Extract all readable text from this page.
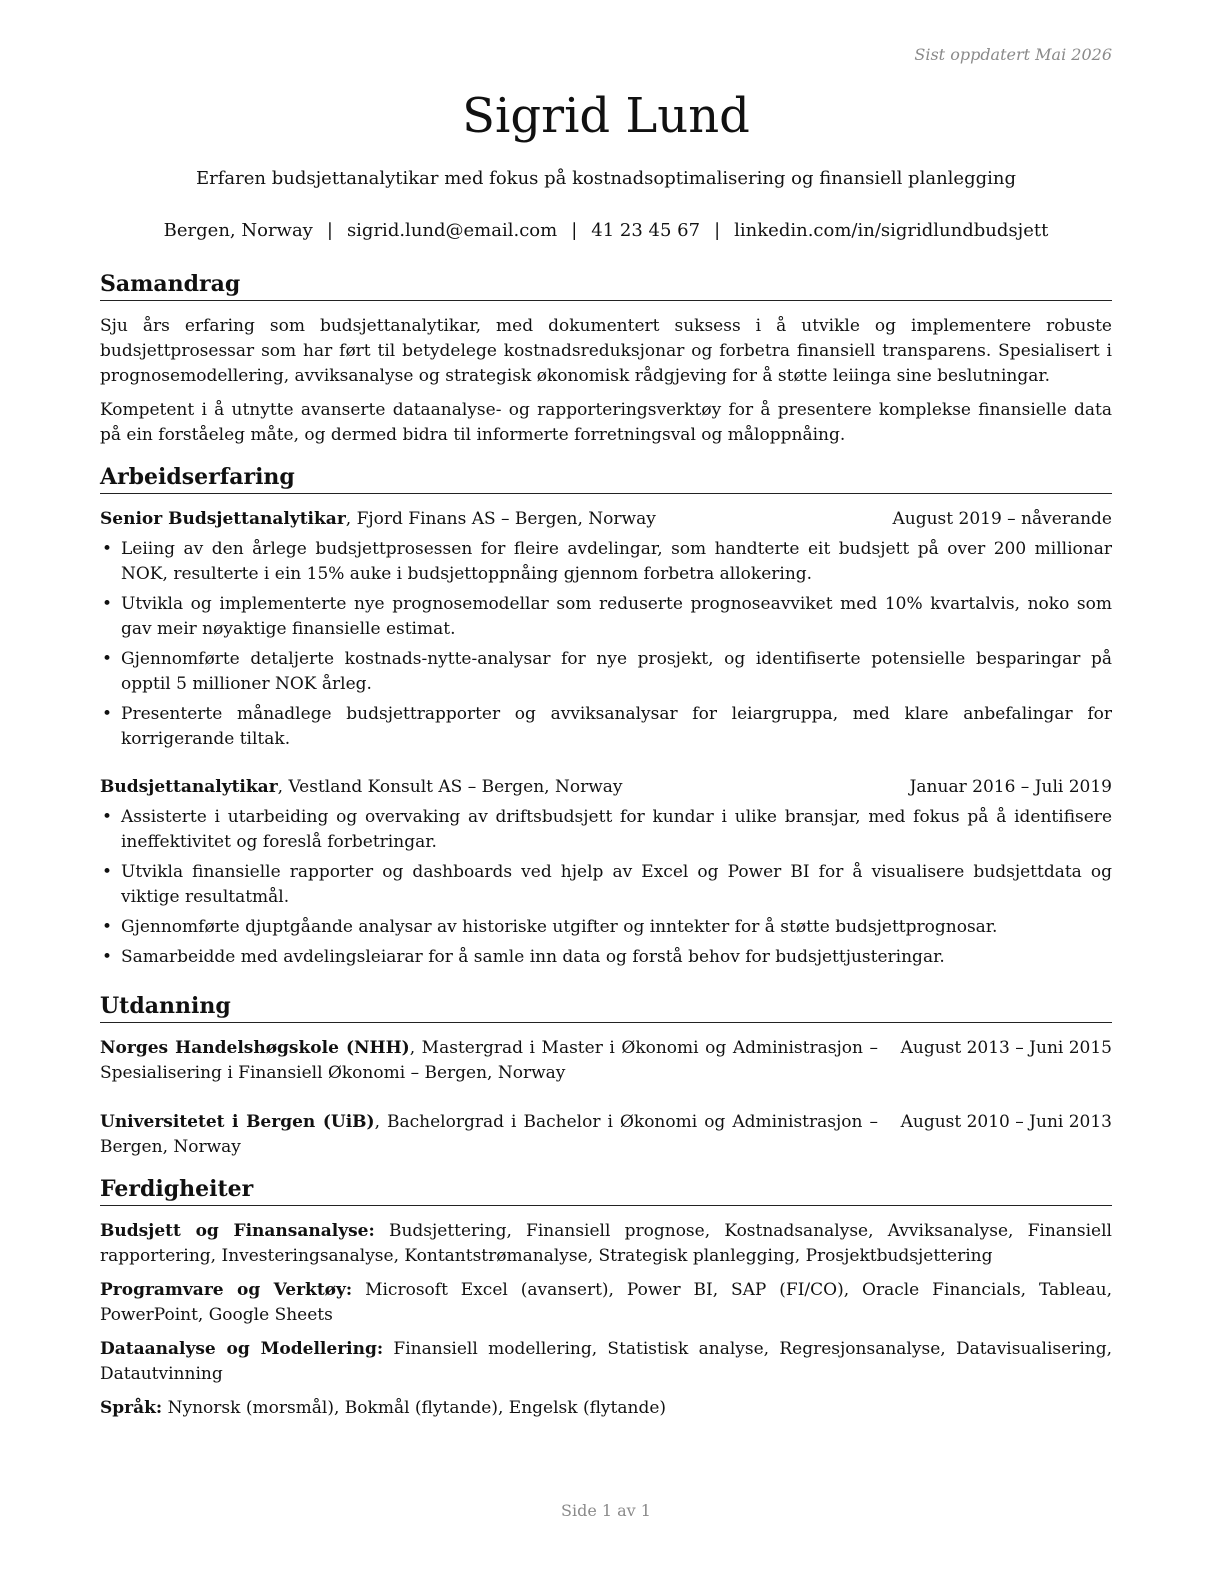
Sist oppdatert Mai 2026
Sigrid Lund
Erfaren budsjettanalytikar med fokus på kostnadsoptimalisering og finansiell planlegging
Bergen, Norway | sigrid.lund@email.com | 41 23 45 67 | linkedin.com/in/sigridlundbudsjett
Samandrag
Sju års erfaring som budsjettanalytikar, med dokumentert suksess i å utvikle og implementere robuste budsjettprosessar som har ført til betydelege kostnadsreduksjonar og forbetra finansiell transparens. Spesialisert i prognosemodellering, avviksanalyse og strategisk økonomisk rådgjeving for å støtte leiinga sine beslutningar.
Kompetent i å utnytte avanserte dataanalyse- og rapporteringsverktøy for å presentere komplekse finansielle data på ein forståeleg måte, og dermed bidra til informerte forretningsval og måloppnåing.
Arbeidserfaring
Senior Budsjettanalytikar, Fjord Finans AS – Bergen, Norway	August 2019 – nåverande
• Leiing av den årlege budsjettprosessen for fleire avdelingar, som handterte eit budsjett på over 200 millionar NOK, resulterte i ein 15% auke i budsjettoppnåing gjennom forbetra allokering.
• Utvikla og implementerte nye prognosemodellar som reduserte prognoseavviket med 10% kvartalvis, noko som gav meir nøyaktige finansielle estimat.
• Gjennomførte detaljerte kostnads-nytte-analysar for nye prosjekt, og identifiserte potensielle besparingar på opptil 5 millioner NOK årleg.
• Presenterte månadlege budsjettrapporter og avviksanalysar for leiargruppa, med klare anbefalingar for korrigerande tiltak.
Budsjettanalytikar, Vestland Konsult AS – Bergen, Norway	Januar 2016 – Juli 2019
• Assisterte i utarbeiding og overvaking av driftsbudsjett for kundar i ulike bransjar, med fokus på å identifisere ineffektivitet og foreslå forbetringar.
• Utvikla finansielle rapporter og dashboards ved hjelp av Excel og Power BI for å visualisere budsjettdata og viktige resultatmål.
• Gjennomførte djuptgåande analysar av historiske utgifter og inntekter for å støtte budsjettprognosar.
• Samarbeidde med avdelingsleiarar for å samle inn data og forstå behov for budsjettjusteringar.
Utdanning
Norges Handelshøgskole (NHH), Mastergrad i Master i Økonomi og Administrasjon – Spesialisering i Finansiell Økonomi – Bergen, Norway
August 2013 – Juni 2015
Universitetet i Bergen (UiB), Bachelorgrad i Bachelor i Økonomi og Administrasjon – Bergen, Norway
August 2010 – Juni 2013
Ferdigheiter
Budsjett og Finansanalyse: Budsjettering, Finansiell prognose, Kostnadsanalyse, Avviksanalyse, Finansiell rapportering, Investeringsanalyse, Kontantstrømanalyse, Strategisk planlegging, Prosjektbudsjettering
Programvare og Verktøy: Microsoft Excel (avansert), Power BI, SAP (FI/CO), Oracle Financials, Tableau, PowerPoint, Google Sheets
Dataanalyse og Modellering: Finansiell modellering, Statistisk analyse, Regresjonsanalyse, Datavisualisering, Datautvinning
Språk: Nynorsk (morsmål), Bokmål (flytande), Engelsk (flytande)
Side 1 av 1
